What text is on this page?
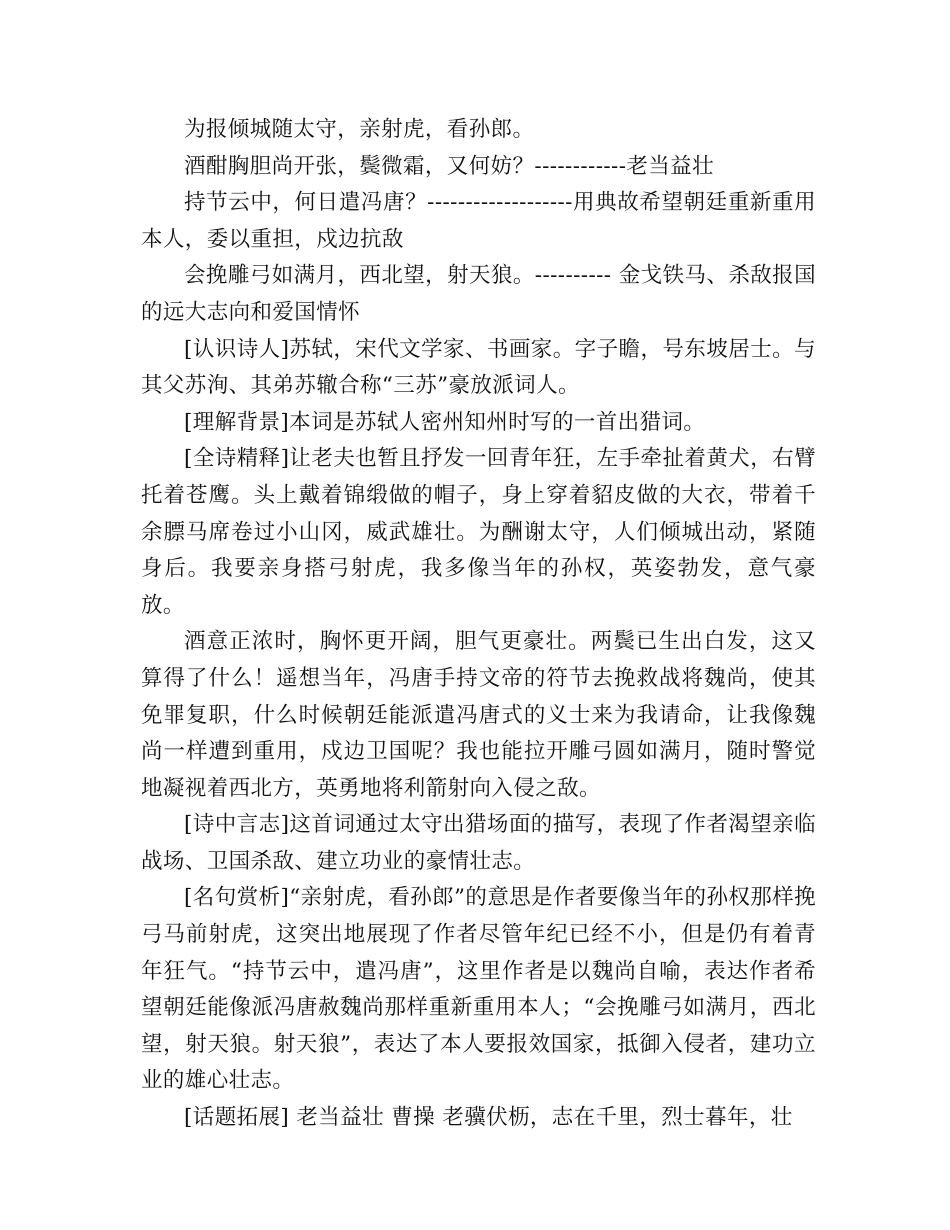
为报倾城随太守，亲射虎，看孙郎。

酒酣胸胆尚开张，鬓微霜，又何妨？------------老当益壮

持节云中，何日遣冯唐？-------------------用典故希望朝廷重新重用本人，委以重担，戍边抗敌

会挽雕弓如满月，西北望，射天狼。---------- 金戈铁马、杀敌报国的远大志向和爱国情怀

[认识诗人]苏轼，宋代文学家、书画家。字子瞻，号东坡居士。与其父苏洵、其弟苏辙合称“三苏”豪放派词人。

[理解背景]本词是苏轼人密州知州时写的一首出猎词。

[全诗精释]让老夫也暂且抒发一回青年狂，左手牵扯着黄犬，右臂托着苍鹰。头上戴着锦缎做的帽子，身上穿着貂皮做的大衣，带着千余膘马席卷过小山冈，威武雄壮。为酬谢太守，人们倾城出动，紧随身后。我要亲身搭弓射虎，我多像当年的孙权，英姿勃发，意气豪放。

酒意正浓时，胸怀更开阔，胆气更豪壮。两鬓已生出白发，这又算得了什么！遥想当年，冯唐手持文帝的符节去挽救战将魏尚，使其免罪复职，什么时候朝廷能派遣冯唐式的义士来为我请命，让我像魏尚一样遭到重用，戍边卫国呢？我也能拉开雕弓圆如满月，随时警觉地凝视着西北方，英勇地将利箭射向入侵之敌。

[诗中言志]这首词通过太守出猎场面的描写，表现了作者渴望亲临战场、卫国杀敌、建立功业的豪情壮志。

[名句赏析]“亲射虎，看孙郎”的意思是作者要像当年的孙权那样挽弓马前射虎，这突出地展现了作者尽管年纪已经不小，但是仍有着青年狂气。“持节云中，遣冯唐”，这里作者是以魏尚自喻，表达作者希望朝廷能像派冯唐赦魏尚那样重新重用本人；“会挽雕弓如满月，西北望，射天狼。射天狼”，表达了本人要报效国家，抵御入侵者，建功立业的雄心壮志。

[话题拓展] 老当益壮 曹操 老骥伏枥，志在千里，烈士暮年，壮
